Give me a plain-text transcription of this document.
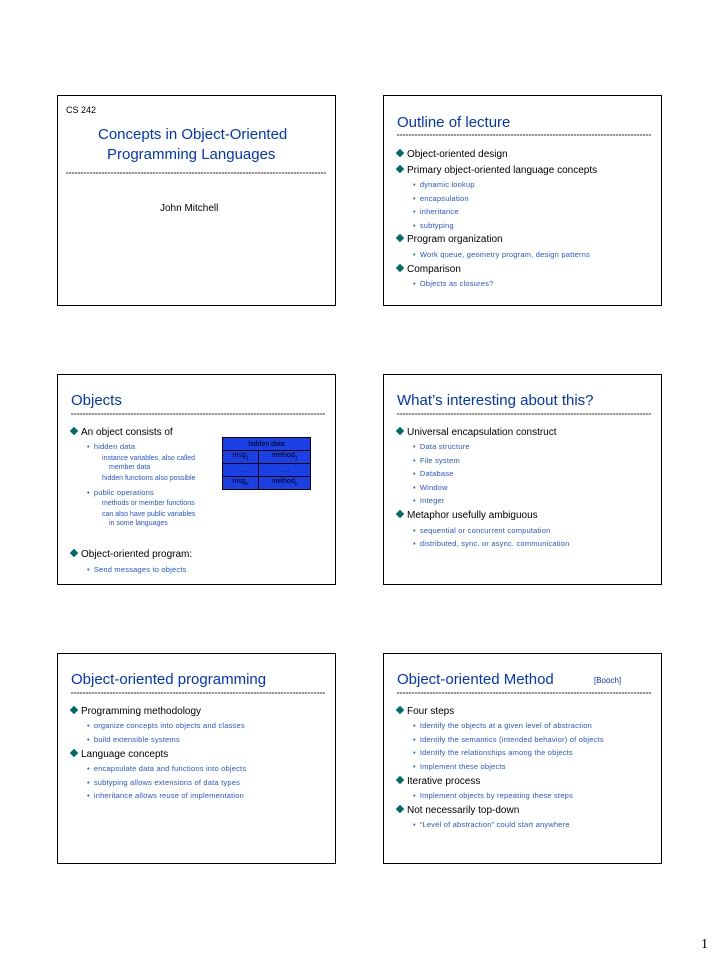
CS 242
Concepts in Object-Oriented
Programming Languages
John Mitchell
Outline of lecture
Object-oriented design
Primary object-oriented language concepts
• dynamic lookup
• encapsulation
• inheritance
• subtyping
Program organization
• Work queue, geometry program, design patterns
Comparison
• Objects as closures?
Objects
An object consists of
• hidden data
instance variables, also called
member data
hidden functions also possible
• public operations
methods or member functions
can also have public variables
in some languages
hidden data	
msg$_1$	method$_1$
. . .	. . .
msg$_n$	method$_n$
Object-oriented program:
• Send messages to objects
What’s interesting about this?
Universal encapsulation construct
• Data structure
• File system
• Database
• Window
• Integer
Metaphor usefully ambiguous
• sequential or concurrent computation
• distributed, sync. or async. communication
Object-oriented programming
Programming methodology
• organize concepts into objects and classes
• build extensible systems
Language concepts
• encapsulate data and functions into objects
• subtyping allows extensions of data types
• inheritance allows reuse of implementation
Object-oriented Method	[Booch]
Four steps
• Identify the objects at a given level of abstraction
• Identify the semantics (intended behavior) of objects
• Identify the relationships among the objects
• Implement these objects
Iterative process
• Implement objects by repeating these steps
Not necessarily top-down
• “Level of abstraction” could start anywhere
1
